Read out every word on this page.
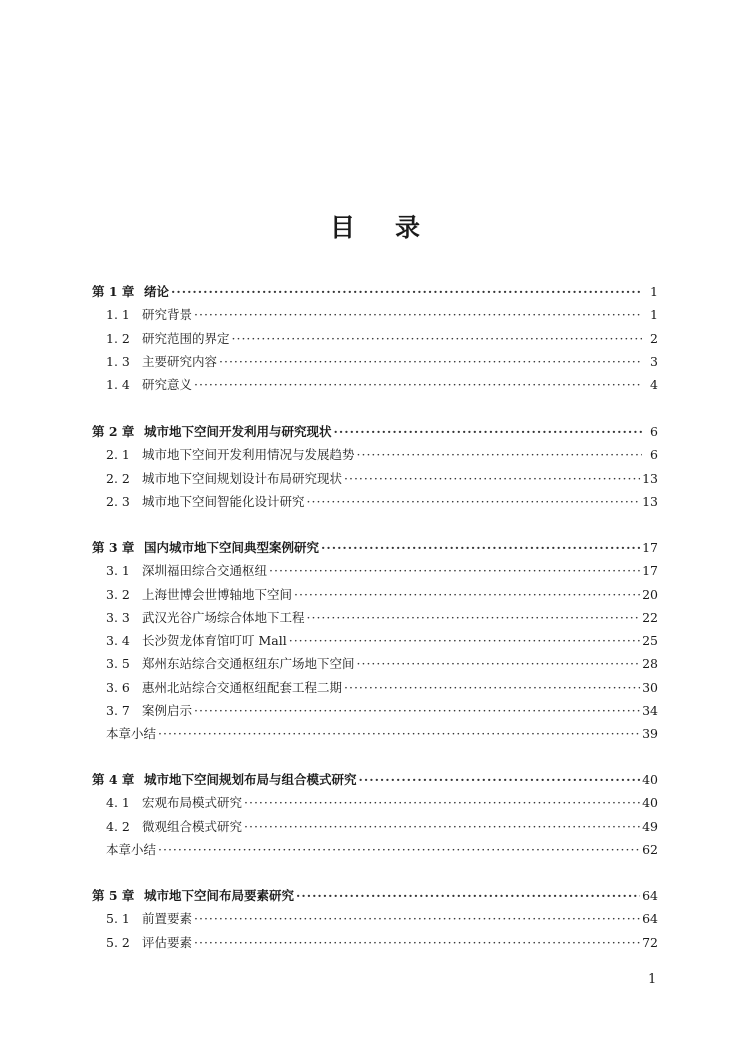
目 录
第 1 章 绪论 ·····	1
1. 1 研究背景 ·····	1
1. 2 研究范围的界定 ·····	2
1. 3 主要研究内容 ·····	3
1. 4 研究意义 ·····	4
第 2 章 城市地下空间开发利用与研究现状 ·····	6
2. 1 城市地下空间开发利用情况与发展趋势 ·····	6
2. 2 城市地下空间规划设计布局研究现状 ·····	13
2. 3 城市地下空间智能化设计研究 ·····	13
第 3 章 国内城市地下空间典型案例研究 ·····	17
3. 1 深圳福田综合交通枢纽 ·····	17
3. 2 上海世博会世博轴地下空间 ·····	20
3. 3 武汉光谷广场综合体地下工程 ·····	22
3. 4 长沙贺龙体育馆叮叮 Mall ·····	25
3. 5 郑州东站综合交通枢纽东广场地下空间 ·····	28
3. 6 惠州北站综合交通枢纽配套工程二期 ·····	30
3. 7 案例启示 ·····	34
本章小结 ·····	39
第 4 章 城市地下空间规划布局与组合模式研究 ·····	40
4. 1 宏观布局模式研究 ·····	40
4. 2 微观组合模式研究 ·····	49
本章小结 ·····	62
第 5 章 城市地下空间布局要素研究 ·····	64
5. 1 前置要素 ·····	64
5. 2 评估要素 ·····	72
1
